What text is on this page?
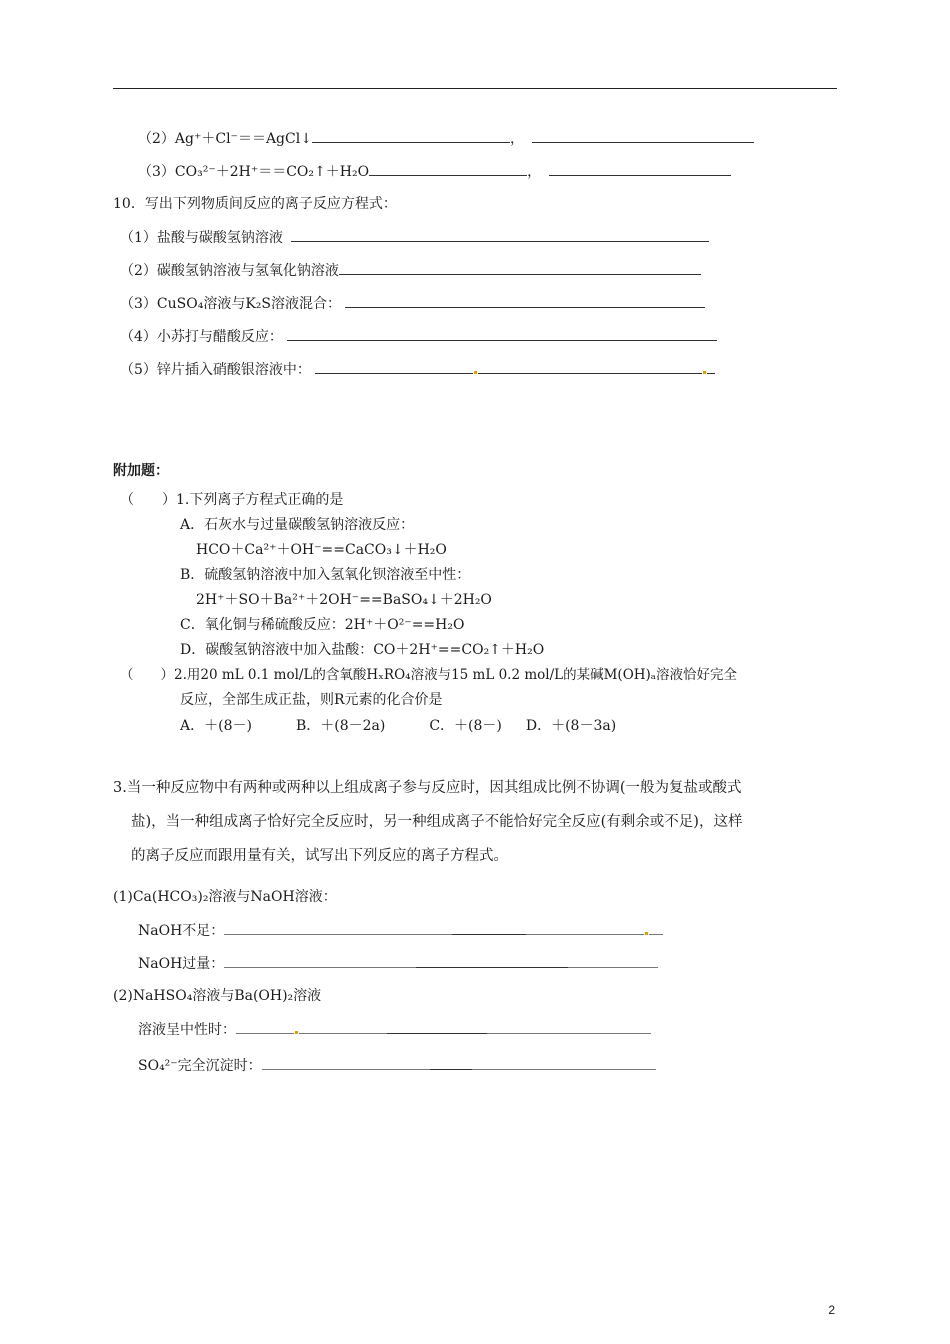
（2）Ag⁺＋Cl⁻＝＝AgCl↓	，
（3）CO₃²⁻＋2H⁺＝＝CO₂↑＋H₂O	，
10．写出下列物质间反应的离子反应方程式：
（1）盐酸与碳酸氢钠溶液
（2）碳酸氢钠溶液与氢氧化钠溶液
（3）CuSO₄溶液与K₂S溶液混合：
（4）小苏打与醋酸反应：
（5）锌片插入硝酸银溶液中：
附加题：
（　　）1.下列离子方程式正确的是
A．石灰水与过量碳酸氢钠溶液反应：
HCO＋Ca²⁺＋OH⁻==CaCO₃↓＋H₂O
B．硫酸氢钠溶液中加入氢氧化钡溶液至中性：
2H⁺＋SO＋Ba²⁺＋2OH⁻==BaSO₄↓＋2H₂O
C．氧化铜与稀硫酸反应：2H⁺＋O²⁻==H₂O
D．碳酸氢钠溶液中加入盐酸：CO＋2H⁺==CO₂↑＋H₂O
（　　）2.用20 mL 0.1 mol/L的含氧酸HₓRO₄溶液与15 mL 0.2 mol/L的某碱M(OH)ₐ溶液恰好完全
反应，全部生成正盐，则R元素的化合价是
A．＋(8－)	B．＋(8－2a)	C．＋(8－) D．＋(8－3a)
3.当一种反应物中有两种或两种以上组成离子参与反应时，因其组成比例不协调(一般为复盐或酸式
盐)，当一种组成离子恰好完全反应时，另一种组成离子不能恰好完全反应(有剩余或不足)，这样
的离子反应而跟用量有关，试写出下列反应的离子方程式。
(1)Ca(HCO₃)₂溶液与NaOH溶液：
NaOH不足：
NaOH过量：
(2)NaHSO₄溶液与Ba(OH)₂溶液
溶液呈中性时：
SO₄²⁻完全沉淀时：
2
